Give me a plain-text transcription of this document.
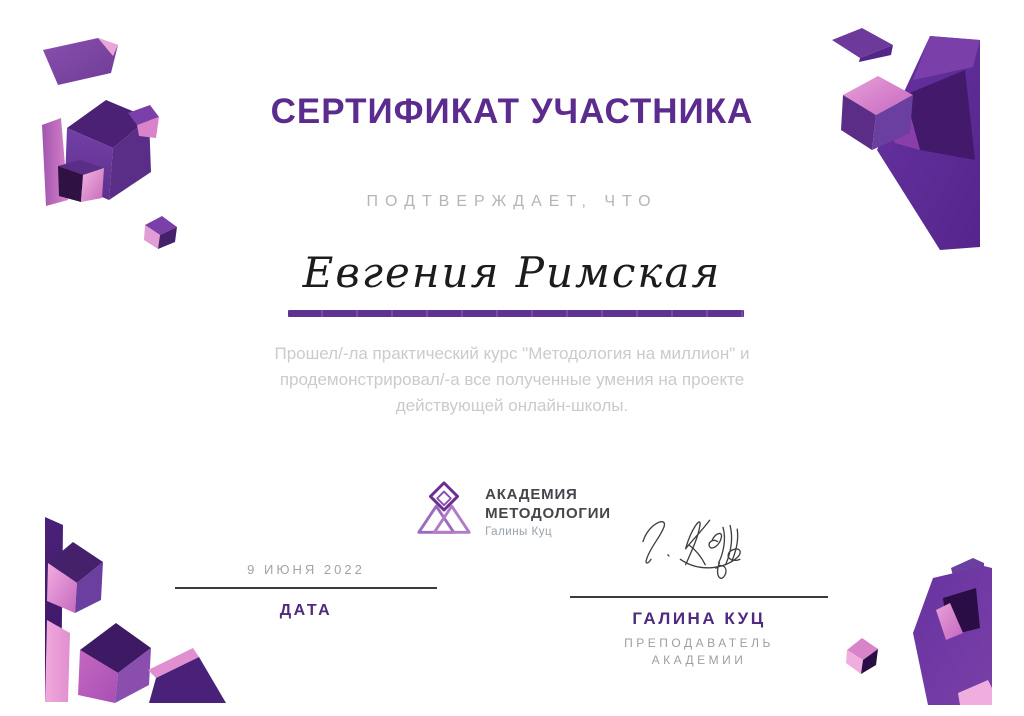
СЕРТИФИКАТ УЧАСТНИКА
ПОДТВЕРЖДАЕТ, ЧТО
Евгения Римская
Прошел/-ла практический курс "Методология на миллион" и
продемонстрировал/-а все полученные умения на проекте
действующей онлайн-школы.
АКАДЕМИЯ
МЕТОДОЛОГИИ
Галины Куц
9 ИЮНЯ 2022
ДАТА	ГАЛИНА КУЦ
ПРЕПОДАВАТЕЛЬ
АКАДЕМИИ
